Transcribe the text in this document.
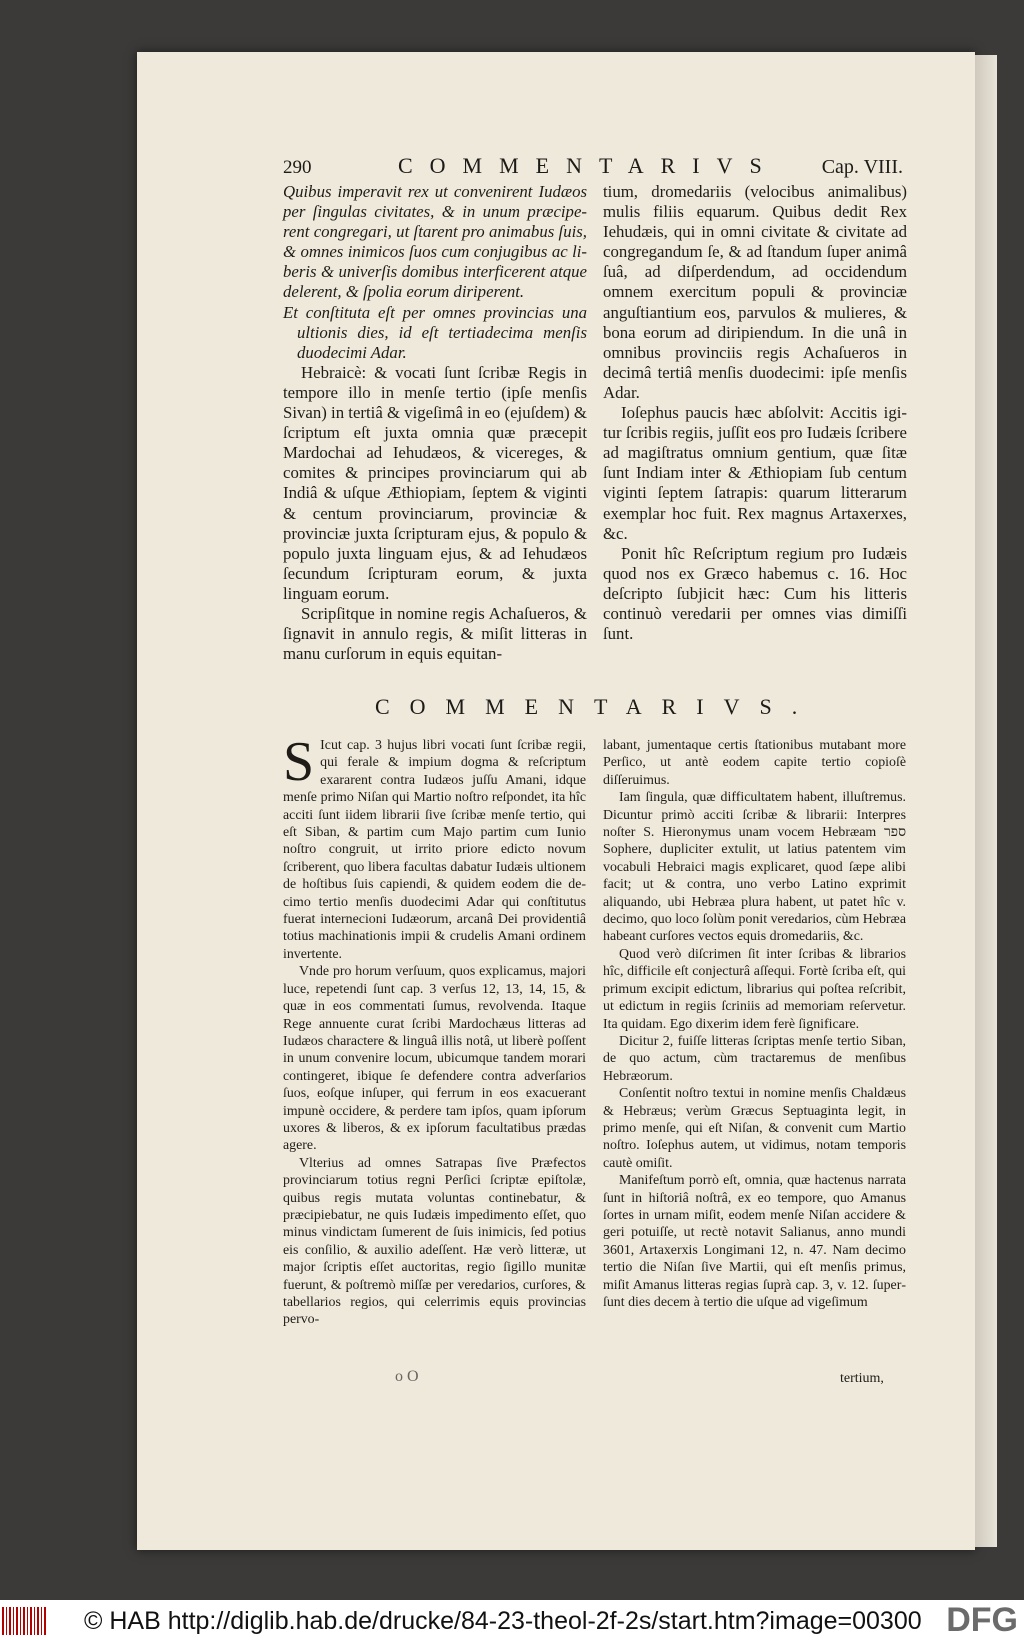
290	COMMENTARIVS Cap. VIII.

Quibus imperavit rex ut convenirent Iudæos per ſingulas civitates, & in unum præciperent congregari, ut ſtarent pro animabus ſuis, & omnes inimicos ſuos cum conjugibus ac liberis & univerſis domibus interficerent atque delerent, & ſpolia eorum diriperent.

Et conſtituta eſt per omnes provincias una ultionis dies, id eſt tertiadecima menſis duodecimi Adar.

Hebraicè: & vocati ſunt ſcribæ Regis in tempore illo in menſe tertio (ipſe menſis Sivan) in tertiâ & vigeſimâ in eo (ejuſdem) & ſcriptum eſt juxta omnia quæ præcepit Mardochai ad Iehudæos, & vicereges, & comites & principes provinciarum qui ab Indiâ & uſque Æthiopiam, ſeptem & viginti & centum provinciarum, provinciæ & provinciæ juxta ſcripturam ejus, & populo & populo juxta linguam ejus, & ad Iehudæos ſecundum ſcripturam eorum, & juxta linguam eorum.

Scripſitque in nomine regis Achaſueros, & ſignavit in annulo regis, & miſit litteras in manu curſorum in equis equitan-

tium, dromedariis (velocibus animalibus) mulis filiis equarum. Quibus dedit Rex Iehudæis, qui in omni civitate & civitate ad congregandum ſe, & ad ſtandum ſuper animâ ſuâ, ad diſperdendum, ad occidendum omnem exercitum populi & provinciæ anguſtiantium eos, parvulos & mulieres, & bona eorum ad diripiendum. In die unâ in omnibus provinciis regis Achaſueros in decimâ tertiâ menſis duodecimi: ipſe menſis Adar.

Ioſephus paucis hæc abſolvit: Accitis igitur ſcribis regiis, juſſit eos pro Iudæis ſcribere ad magiſtratus omnium gentium, quæ ſitæ ſunt Indiam inter & Æthiopiam ſub centum viginti ſeptem ſatrapis: quarum litterarum exemplar hoc fuit. Rex magnus Artaxerxes, &c.

Ponit hîc Reſcriptum regium pro Iudæis quod nos ex Græco habemus c. 16. Hoc deſcripto ſubjicit hæc: Cum his litteris continuò veredarii per omnes vias dimiſſi ſunt.

COMMENTARIVS.

S Icut cap. 3 hujus libri vocati ſunt ſcribæ regii, qui ferale & impium dogma & reſcriptum exararent contra Iudæos juſſu Amani, idque menſe primo Niſan qui Martio noſtro reſpondet, ita hîc acciti ſunt iidem librarii ſive ſcribæ menſe tertio, qui eſt Siban, & partim cum Majo partim cum Iunio noſtro congruit, ut irrito priore edicto novum ſcriberent, quo libera facultas dabatur Iudæis ultionem de hoſtibus ſuis capiendi, & quidem eodem die decimo tertio menſis duodecimi Adar qui conſtitutus fuerat internecioni Iudæorum, arcanâ Dei providentiâ totius machinationis impii & crudelis Amani ordinem invertente.

Vnde pro horum verſuum, quos explicamus, majori luce, repetendi ſunt cap. 3 verſus 12, 13, 14, 15, & quæ in eos commentati ſumus, revolvenda. Itaque Rege annuente curat ſcribi Mardochæus litteras ad Iudæos charactere & linguâ illis notâ, ut liberè poſſent in unum convenire locum, ubicumque tandem morari contingeret, ibique ſe defendere contra adverſarios ſuos, eoſque inſuper, qui ferrum in eos exacuerant impunè occidere, & perdere tam ipſos, quam ipſorum uxores & liberos, & ex ipſorum facultatibus prædas agere.

Vlterius ad omnes Satrapas ſive Præfectos provinciarum totius regni Perſici ſcriptæ epiſtolæ, quibus regis mutata voluntas continebatur, & præcipiebatur, ne quis Iudæis impedimento eſſet, quo minus vindictam ſumerent de ſuis inimicis, ſed potius eis conſilio, & auxilio adeſſent. Hæ verò litteræ, ut major ſcriptis eſſet auctoritas, regio ſigillo munitæ fuerunt, & poſtremò miſſæ per veredarios, curſores, & tabellarios regios, qui celerrimis equis provincias pervo-

labant, jumentaque certis ſtationibus mutabant more Perſico, ut antè eodem capite tertio copioſè diſſeruimus.

Iam ſingula, quæ difficultatem habent, illuſtremus. Dicuntur primò acciti ſcribæ & librarii: Interpres noſter S. Hieronymus unam vocem Hebræam ספר Sophere, dupliciter extulit, ut latius patentem vim vocabuli Hebraici magis explicaret, quod ſæpe alibi facit; ut & contra, uno verbo Latino exprimit aliquando, ubi Hebræa plura habent, ut patet hîc v. decimo, quo loco ſolùm ponit veredarios, cùm Hebræa habeant curſores vectos equis dromedariis, &c.

Quod verò diſcrimen ſit inter ſcribas & librarios hîc, difficile eſt conjecturâ aſſequi. Fortè ſcriba eſt, qui primum excipit edictum, librarius qui poſtea reſcribit, ut edictum in regiis ſcriniis ad memoriam reſervetur. Ita quidam. Ego dixerim idem ferè ſignificare.

Dicitur 2, fuiſſe litteras ſcriptas menſe tertio Siban, de quo actum, cùm tractaremus de menſibus Hebræorum.

Conſentit noſtro textui in nomine menſis Chaldæus & Hebræus; verùm Græcus Septuaginta legit, in primo menſe, qui eſt Niſan, & convenit cum Martio noſtro. Ioſephus autem, ut vidimus, notam temporis cautè omiſit.

Manifeſtum porrò eſt, omnia, quæ hactenus narrata ſunt in hiſtoriâ noſtrâ, ex eo tempore, quo Amanus ſortes in urnam miſit, eodem menſe Niſan accidere & geri potuiſſe, ut rectè notavit Salianus, anno mundi 3601, Artaxerxis Longimani 12, n. 47. Nam decimo tertio die Niſan ſive Martii, qui eſt menſis primus, miſit Amanus litteras regias ſuprà cap. 3, v. 12. ſuperſunt dies decem à tertio die uſque ad vigeſimum

o O	tertium,
© HAB http://diglib.hab.de/drucke/84-23-theol-2f-2s/start.htm?image=00300 DFG
